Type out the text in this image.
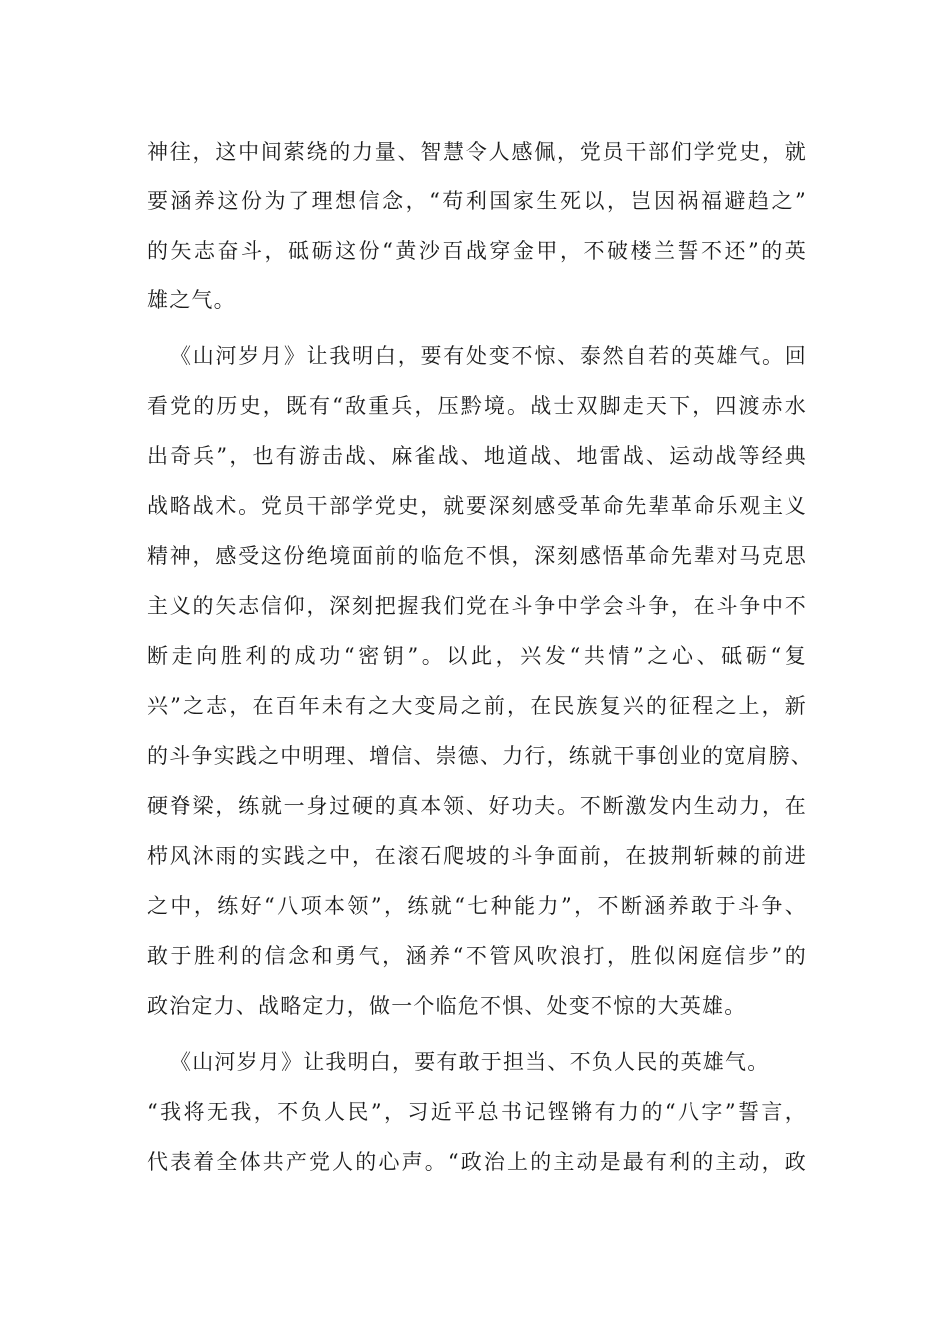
神往，这中间萦绕的力量、智慧令人感佩，党员干部们学党史，就
要涵养这份为了理想信念，“苟利国家生死以，岂因祸福避趋之”
的矢志奋斗，砥砺这份“黄沙百战穿金甲，不破楼兰誓不还”的英
雄之气。
《山河岁月》让我明白，要有处变不惊、泰然自若的英雄气。回
看党的历史，既有“敌重兵，压黔境。战士双脚走天下，四渡赤水
出奇兵”，也有游击战、麻雀战、地道战、地雷战、运动战等经典
战略战术。党员干部学党史，就要深刻感受革命先辈革命乐观主义
精神，感受这份绝境面前的临危不惧，深刻感悟革命先辈对马克思
主义的矢志信仰，深刻把握我们党在斗争中学会斗争，在斗争中不
断走向胜利的成功“密钥”。以此，兴发“共情”之心、砥砺“复
兴”之志，在百年未有之大变局之前，在民族复兴的征程之上，新
的斗争实践之中明理、增信、崇德、力行，练就干事创业的宽肩膀、
硬脊梁，练就一身过硬的真本领、好功夫。不断激发内生动力，在
栉风沐雨的实践之中，在滚石爬坡的斗争面前，在披荆斩棘的前进
之中，练好“八项本领”，练就“七种能力”，不断涵养敢于斗争、
敢于胜利的信念和勇气，涵养“不管风吹浪打，胜似闲庭信步”的
政治定力、战略定力，做一个临危不惧、处变不惊的大英雄。
《山河岁月》让我明白，要有敢于担当、不负人民的英雄气。
“我将无我，不负人民”，习近平总书记铿锵有力的“八字”誓言，
代表着全体共产党人的心声。“政治上的主动是最有利的主动，政
